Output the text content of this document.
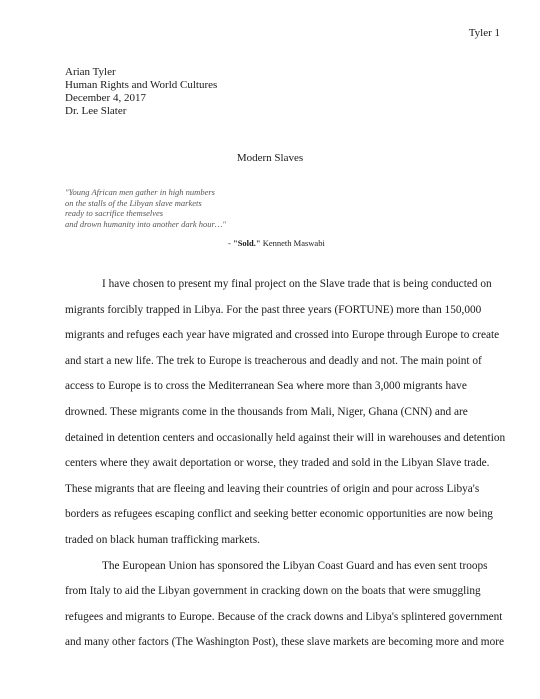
Tyler 1
Arian Tyler
Human Rights and World Cultures
December 4, 2017
Dr. Lee Slater
Modern Slaves
"Young African men gather in high numbers
on the stalls of the Libyan slave markets
ready to sacrifice themselves
and drown humanity into another dark hour…"
- "Sold." Kenneth Maswabi
I have chosen to present my final project on the Slave trade that is being conducted on
migrants forcibly trapped in Libya. For the past three years (FORTUNE) more than 150,000
migrants and refuges each year have migrated and crossed into Europe through Europe to create
and start a new life. The trek to Europe is treacherous and deadly and not. The main point of
access to Europe is to cross the Mediterranean Sea where more than 3,000 migrants have
drowned. These migrants come in the thousands from Mali, Niger, Ghana (CNN) and are
detained in detention centers and occasionally held against their will in warehouses and detention
centers where they await deportation or worse, they traded and sold in the Libyan Slave trade.
These migrants that are fleeing and leaving their countries of origin and pour across Libya's
borders as refugees escaping conflict and seeking better economic opportunities are now being
traded on black human trafficking markets.
The European Union has sponsored the Libyan Coast Guard and has even sent troops
from Italy to aid the Libyan government in cracking down on the boats that were smuggling
refugees and migrants to Europe. Because of the crack downs and Libya's splintered government
and many other factors (The Washington Post), these slave markets are becoming more and more
